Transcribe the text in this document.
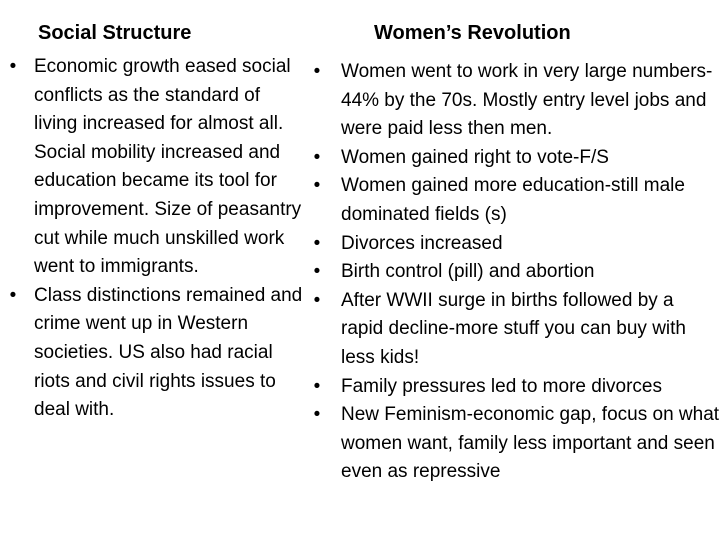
Social Structure
• Economic growth eased social conflicts as the standard of living increased for almost all. Social mobility increased and education became its tool for improvement. Size of peasantry cut while much unskilled work went to immigrants.
• Class distinctions remained and crime went up in Western societies. US also had racial riots and civil rights issues to deal with.
Women’s Revolution
• Women went to work in very large numbers-44% by the 70s. Mostly entry level jobs and were paid less then men.
• Women gained right to vote-F/S
• Women gained more education-still male dominated fields (s)
• Divorces increased
• Birth control (pill) and abortion
• After WWII surge in births followed by a rapid decline-more stuff you can buy with less kids!
• Family pressures led to more divorces
• New Feminism-economic gap, focus on what women want, family less important and seen even as repressive
